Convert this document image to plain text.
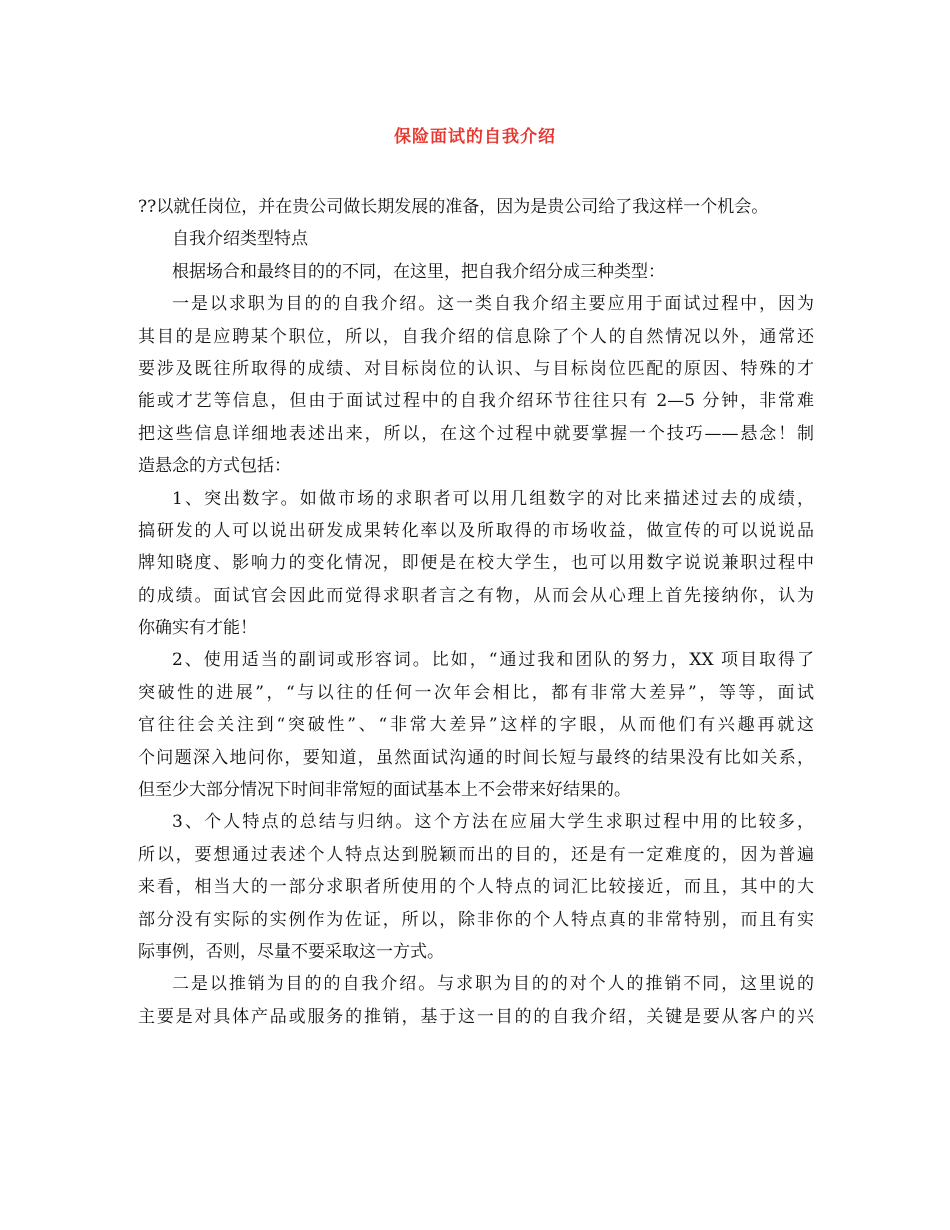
保险面试的自我介绍
??以就任岗位，并在贵公司做长期发展的准备，因为是贵公司给了我这样一个机会。
自我介绍类型特点
根据场合和最终目的的不同，在这里，把自我介绍分成三种类型：
一是以求职为目的的自我介绍。这一类自我介绍主要应用于面试过程中，因为
其目的是应聘某个职位，所以，自我介绍的信息除了个人的自然情况以外，通常还
要涉及既往所取得的成绩、对目标岗位的认识、与目标岗位匹配的原因、特殊的才
能或才艺等信息，但由于面试过程中的自我介绍环节往往只有 2—5 分钟，非常难
把这些信息详细地表述出来，所以，在这个过程中就要掌握一个技巧——悬念！制
造悬念的方式包括：
1、突出数字。如做市场的求职者可以用几组数字的对比来描述过去的成绩，
搞研发的人可以说出研发成果转化率以及所取得的市场收益，做宣传的可以说说品
牌知晓度、影响力的变化情况，即便是在校大学生，也可以用数字说说兼职过程中
的成绩。面试官会因此而觉得求职者言之有物，从而会从心理上首先接纳你，认为
你确实有才能！
2、使用适当的副词或形容词。比如，“通过我和团队的努力，XX 项目取得了
突破性的进展”，“与以往的任何一次年会相比，都有非常大差异”，等等，面试
官往往会关注到“突破性”、“非常大差异”这样的字眼，从而他们有兴趣再就这
个问题深入地问你，要知道，虽然面试沟通的时间长短与最终的结果没有比如关系，
但至少大部分情况下时间非常短的面试基本上不会带来好结果的。
3、个人特点的总结与归纳。这个方法在应届大学生求职过程中用的比较多，
所以，要想通过表述个人特点达到脱颖而出的目的，还是有一定难度的，因为普遍
来看，相当大的一部分求职者所使用的个人特点的词汇比较接近，而且，其中的大
部分没有实际的实例作为佐证，所以，除非你的个人特点真的非常特别，而且有实
际事例，否则，尽量不要采取这一方式。
二是以推销为目的的自我介绍。与求职为目的的对个人的推销不同，这里说的
主要是对具体产品或服务的推销，基于这一目的的自我介绍，关键是要从客户的兴
